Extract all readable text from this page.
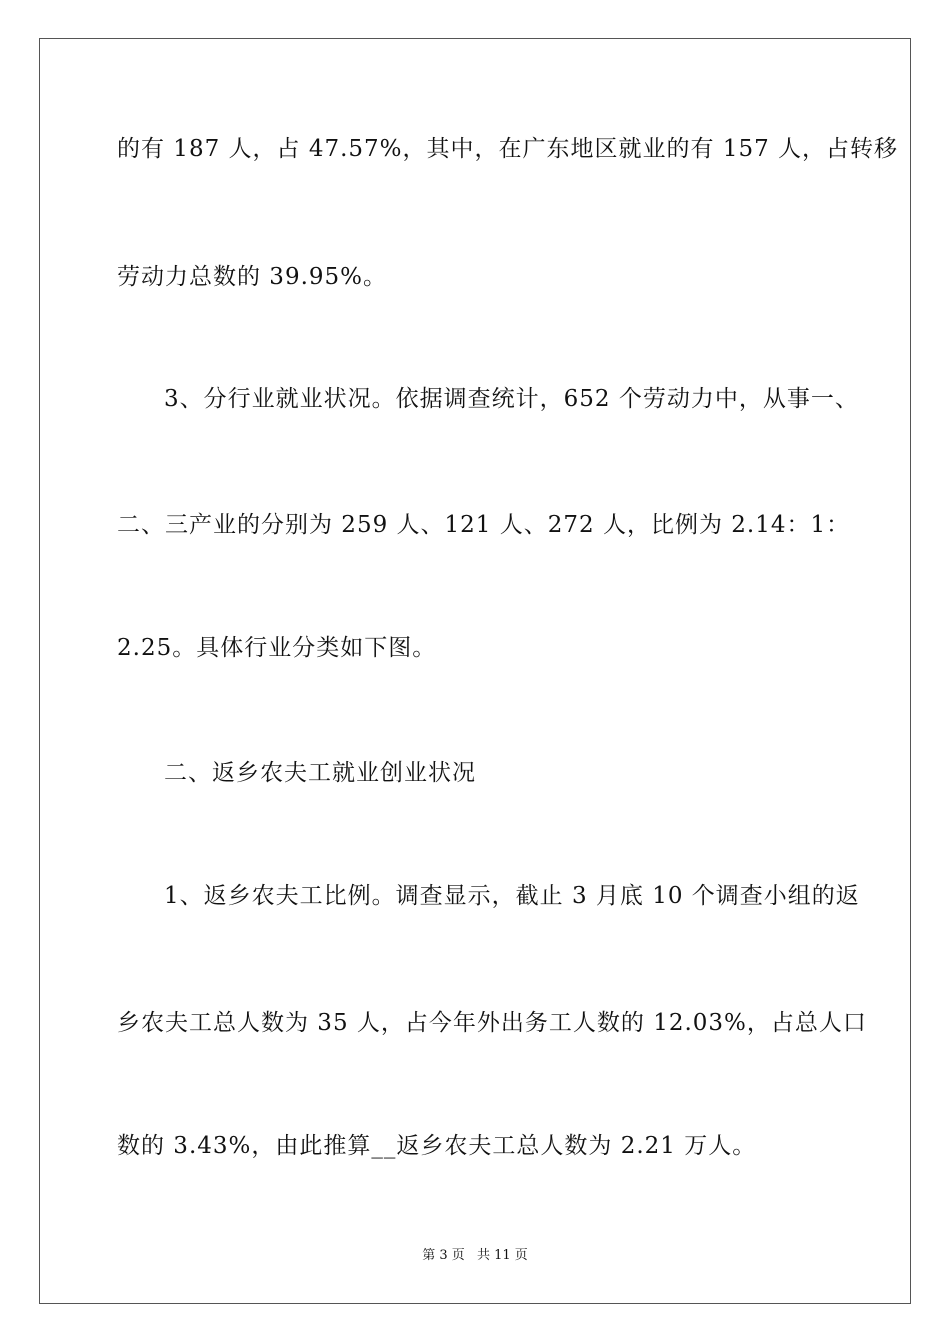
的有 187 人，占 47.57%，其中，在广东地区就业的有 157 人，占转移
劳动力总数的 39.95%。
3、分行业就业状况。依据调查统计，652 个劳动力中，从事一、
二、三产业的分别为 259 人、121 人、272 人，比例为 2.14：1：
2.25。具体行业分类如下图。
二、返乡农夫工就业创业状况
1、返乡农夫工比例。调查显示，截止 3 月底 10 个调查小组的返
乡农夫工总人数为 35 人，占今年外出务工人数的 12.03%，占总人口
数的 3.43%，由此推算__返乡农夫工总人数为 2.21 万人。
第 3 页 共 11 页
